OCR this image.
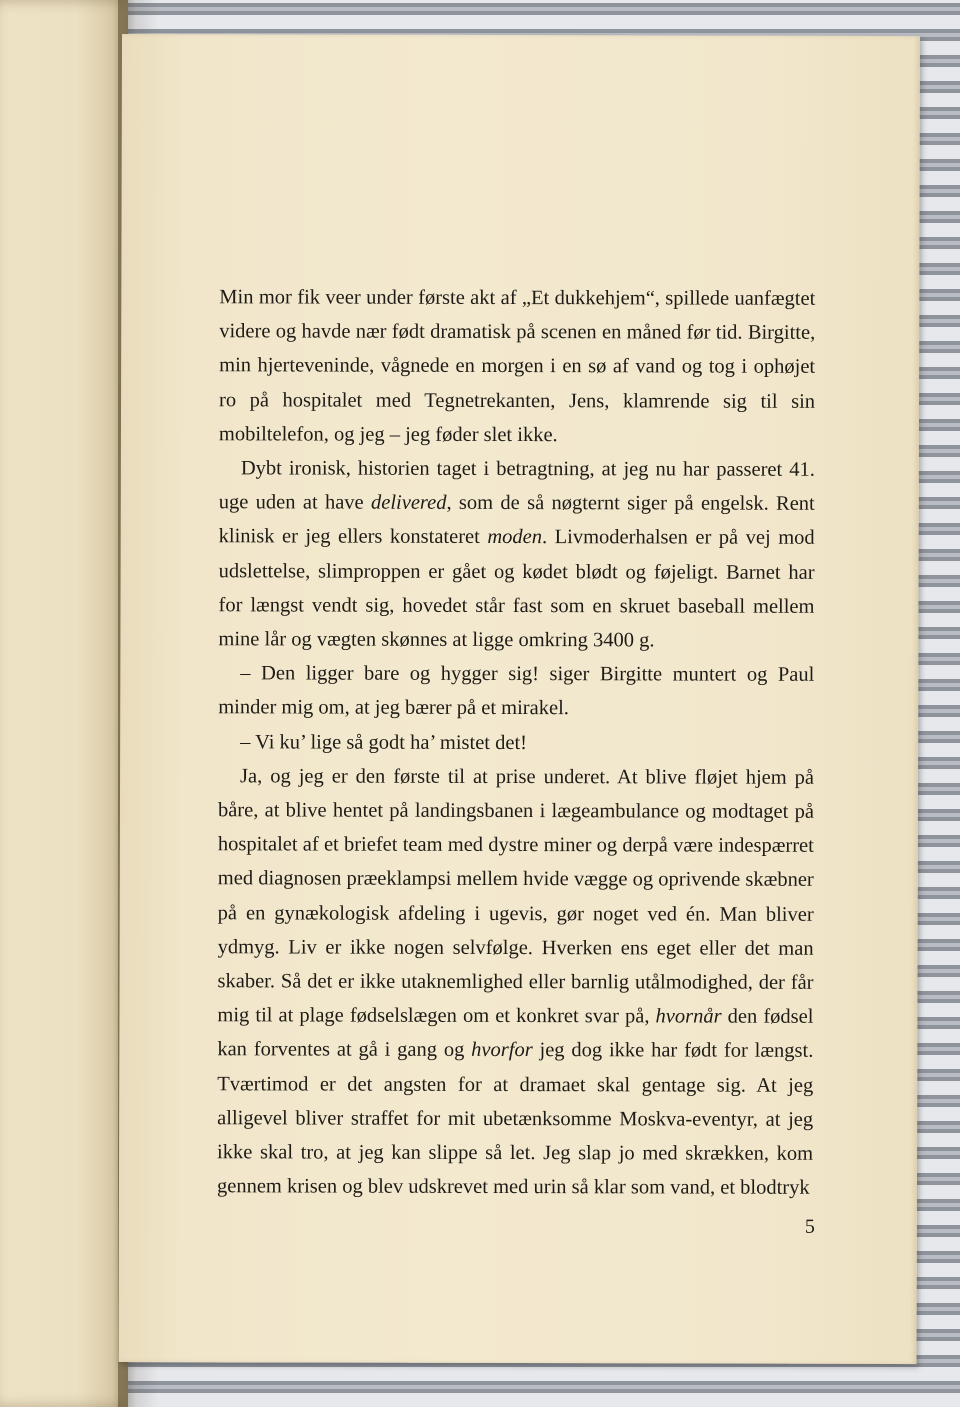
Min mor fik veer under første akt af „Et dukkehjem“, spillede uanfægtet videre og havde nær født dramatisk på scenen en måned før tid. Birgitte, min hjerteveninde, vågnede en morgen i en sø af vand og tog i ophøjet ro på hospitalet med Tegnetrekanten, Jens, klamrende sig til sin mobiltelefon, og jeg – jeg føder slet ikke.

Dybt ironisk, historien taget i betragtning, at jeg nu har passeret 41. uge uden at have delivered, som de så nøgternt siger på engelsk. Rent klinisk er jeg ellers konstateret moden. Livmoderhalsen er på vej mod udslettelse, slimproppen er gået og kødet blødt og føjeligt. Barnet har for længst vendt sig, hovedet står fast som en skruet baseball mellem mine lår og vægten skønnes at ligge omkring 3400 g.

– Den ligger bare og hygger sig! siger Birgitte muntert og Paul minder mig om, at jeg bærer på et mirakel.

– Vi ku’ lige så godt ha’ mistet det!

Ja, og jeg er den første til at prise underet. At blive fløjet hjem på båre, at blive hentet på landingsbanen i lægeambulance og modtaget på hospitalet af et briefet team med dystre miner og derpå være indespærret med diagnosen præeklampsi mellem hvide vægge og oprivende skæbner på en gynækologisk afdeling i ugevis, gør noget ved én. Man bliver ydmyg. Liv er ikke nogen selvfølge. Hverken ens eget eller det man skaber. Så det er ikke utaknemlighed eller barnlig utålmodighed, der får mig til at plage fødselslægen om et konkret svar på, hvornår den fødsel kan forventes at gå i gang og hvorfor jeg dog ikke har født for længst. Tværtimod er det angsten for at dramaet skal gentage sig. At jeg alligevel bliver straffet for mit ubetænksomme Moskva-eventyr, at jeg ikke skal tro, at jeg kan slippe så let. Jeg slap jo med skrækken, kom gennem krisen og blev udskrevet med urin så klar som vand, et blodtryk

5
